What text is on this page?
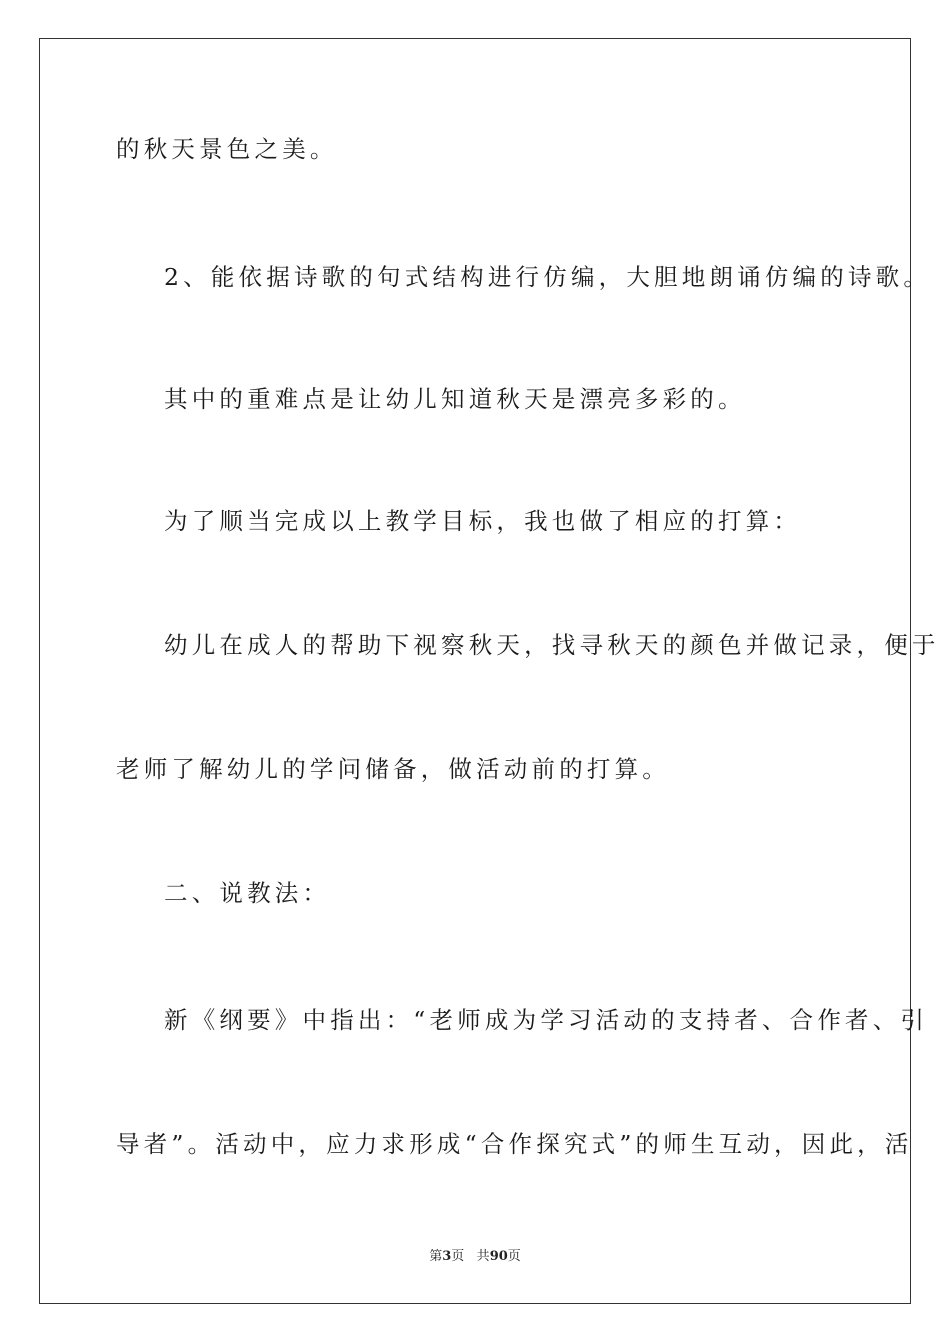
的秋天景色之美。
2、能依据诗歌的句式结构进行仿编，大胆地朗诵仿编的诗歌。
其中的重难点是让幼儿知道秋天是漂亮多彩的。
为了顺当完成以上教学目标，我也做了相应的打算：
幼儿在成人的帮助下视察秋天，找寻秋天的颜色并做记录，便于
老师了解幼儿的学问储备，做活动前的打算。
二、说教法：
新《纲要》中指出：“老师成为学习活动的支持者、合作者、引
导者”。活动中，应力求形成“合作探究式”的师生互动，因此，活
第3页 共90页
